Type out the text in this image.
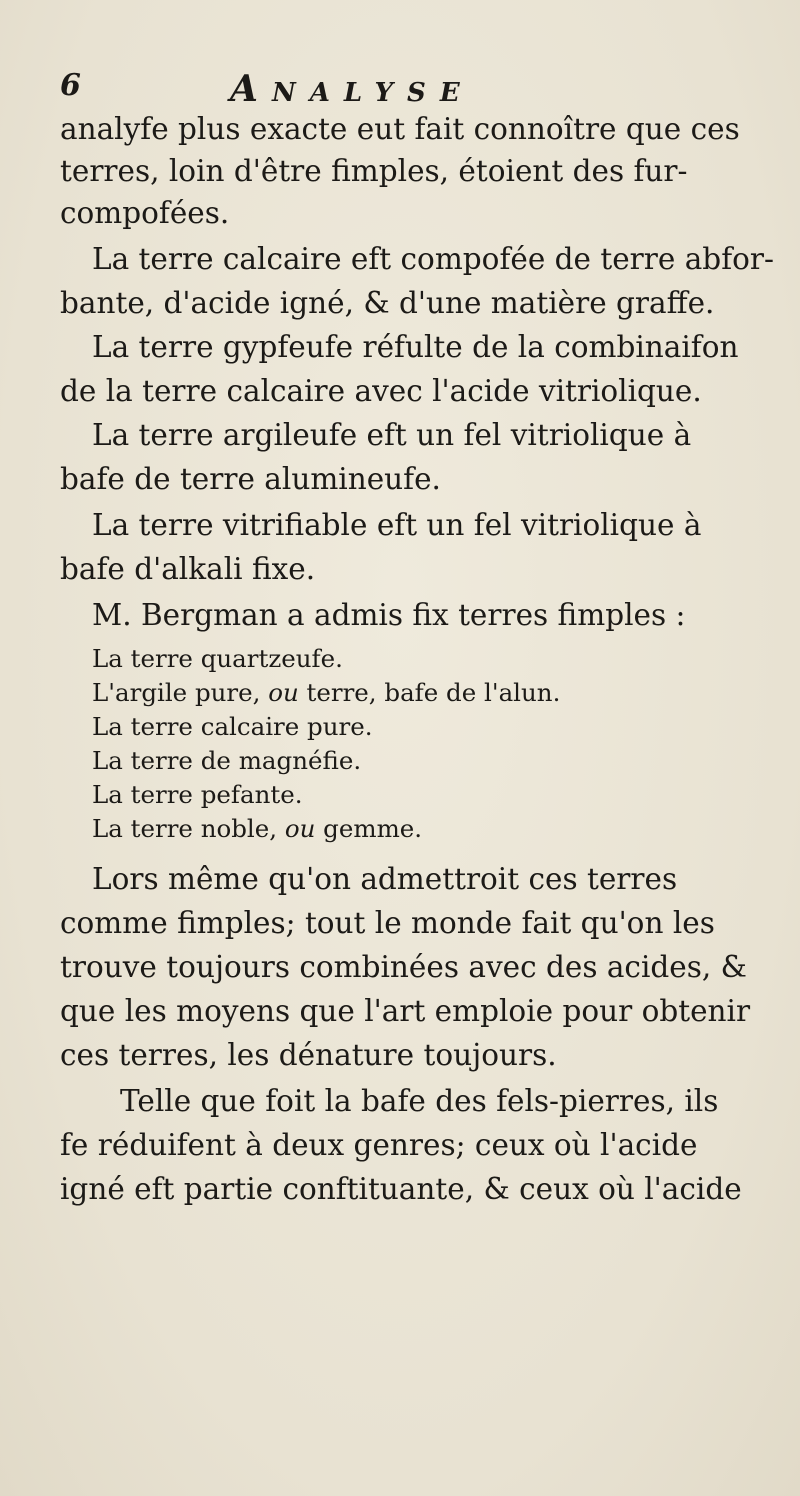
6	ANALYSE
analyfe plus exacte eut fait connoître que ces
terres, loin d'être fimples, étoient des fur-
compofées.
La terre calcaire eft compofée de terre abfor-
bante, d'acide igné, & d'une matière graffe.
La terre gypfeufe réfulte de la combinaifon
de la terre calcaire avec l'acide vitriolique.
La terre argileufe eft un fel vitriolique à
bafe de terre alumineufe.
La terre vitrifiable eft un fel vitriolique à
bafe d'alkali fixe.
M. Bergman a admis fix terres fimples :
La terre quartzeufe.
L'argile pure, ou terre, bafe de l'alun.
La terre calcaire pure.
La terre de magnéfie.
La terre pefante.
La terre noble, ou gemme.
Lors même qu'on admettroit ces terres
comme fimples; tout le monde fait qu'on les
trouve toujours combinées avec des acides, &
que les moyens que l'art emploie pour obtenir
ces terres, les dénature toujours.
Telle que foit la bafe des fels-pierres, ils
fe réduifent à deux genres; ceux où l'acide
igné eft partie conftituante, & ceux où l'acide
